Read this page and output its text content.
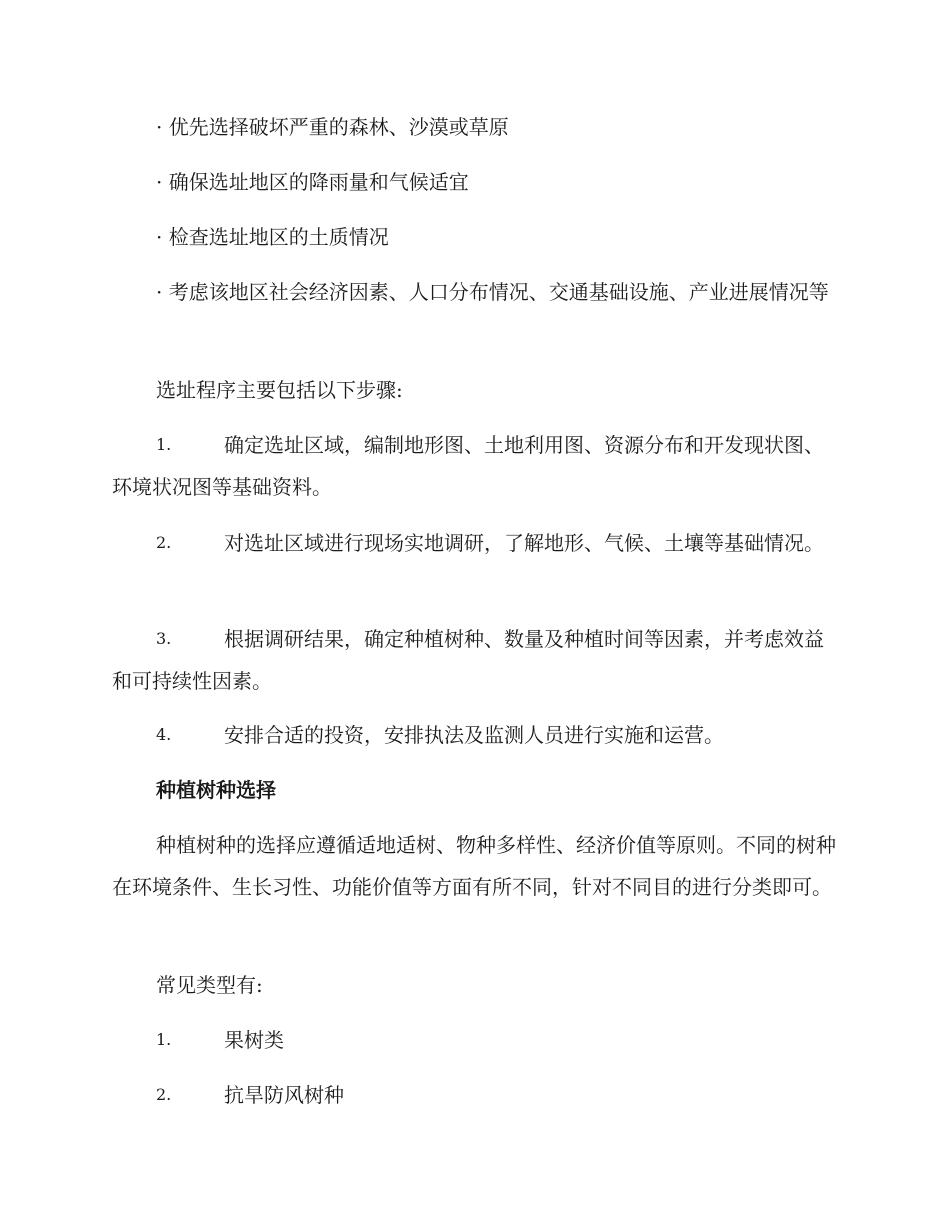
· 优先选择破坏严重的森林、沙漠或草原

· 确保选址地区的降雨量和气候适宜

· 检查选址地区的土质情况

· 考虑该地区社会经济因素、人口分布情况、交通基础设施、产业进展情况等

选址程序主要包括以下步骤:

1.	确定选址区域，编制地形图、土地利用图、资源分布和开发现状图、环境状况图等基础资料。
2.	对选址区域进行现场实地调研，了解地形、气候、土壤等基础情况。
3.	根据调研结果，确定种植树种、数量及种植时间等因素，并考虑效益和可持续性因素。
4.	安排合适的投资，安排执法及监测人员进行实施和运营。
种植树种选择

种植树种的选择应遵循适地适树、物种多样性、经济价值等原则。不同的树种在环境条件、生长习性、功能价值等方面有所不同，针对不同目的进行分类即可。

常见类型有:

1.	果树类
2.	抗旱防风树种
